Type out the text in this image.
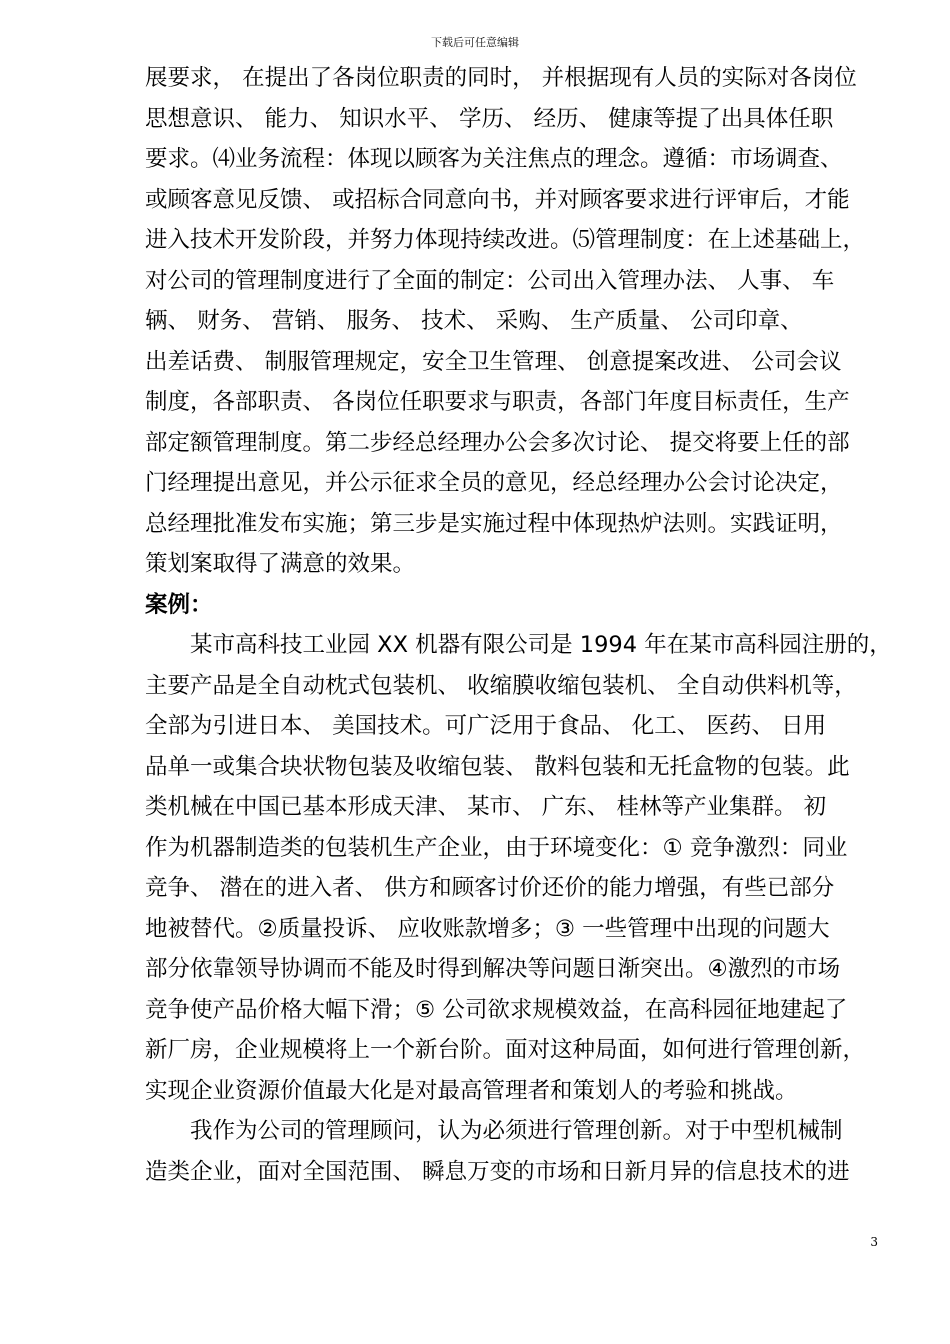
下载后可任意编辑
展要求， 在提出了各岗位职责的同时， 并根据现有人员的实际对各岗位
思想意识、 能力、 知识水平、 学历、 经历、 健康等提了出具体任职
要求。⑷业务流程：体现以顾客为关注焦点的理念。遵循：市场调查、
或顾客意见反馈、 或招标合同意向书，并对顾客要求进行评审后，才能
进入技术开发阶段，并努力体现持续改进。⑸管理制度：在上述基础上，
对公司的管理制度进行了全面的制定：公司出入管理办法、 人事、 车
辆、 财务、 营销、 服务、 技术、 采购、 生产质量、 公司印章、
出差话费、 制服管理规定，安全卫生管理、 创意提案改进、 公司会议
制度，各部职责、 各岗位任职要求与职责，各部门年度目标责任，生产
部定额管理制度。第二步经总经理办公会多次讨论、 提交将要上任的部
门经理提出意见，并公示征求全员的意见，经总经理办公会讨论决定，
总经理批准发布实施；第三步是实施过程中体现热炉法则。实践证明，
策划案取得了满意的效果。
案例：
某市高科技工业园 XX 机器有限公司是 1994 年在某市高科园注册的，
主要产品是全自动枕式包装机、 收缩膜收缩包装机、 全自动供料机等，
全部为引进日本、 美国技术。可广泛用于食品、 化工、 医药、 日用
品单一或集合块状物包装及收缩包装、 散料包装和无托盒物的包装。此
类机械在中国已基本形成天津、 某市、 广东、 桂林等产业集群。 初
作为机器制造类的包装机生产企业，由于环境变化：① 竞争激烈：同业
竞争、 潜在的进入者、 供方和顾客讨价还价的能力增强，有些已部分
地被替代。②质量投诉、 应收账款增多；③ 一些管理中出现的问题大
部分依靠领导协调而不能及时得到解决等问题日渐突出。④激烈的市场
竞争使产品价格大幅下滑；⑤ 公司欲求规模效益，在高科园征地建起了
新厂房，企业规模将上一个新台阶。面对这种局面，如何进行管理创新，
实现企业资源价值最大化是对最高管理者和策划人的考验和挑战。
我作为公司的管理顾问，认为必须进行管理创新。对于中型机械制
造类企业，面对全国范围、 瞬息万变的市场和日新月异的信息技术的进
3
